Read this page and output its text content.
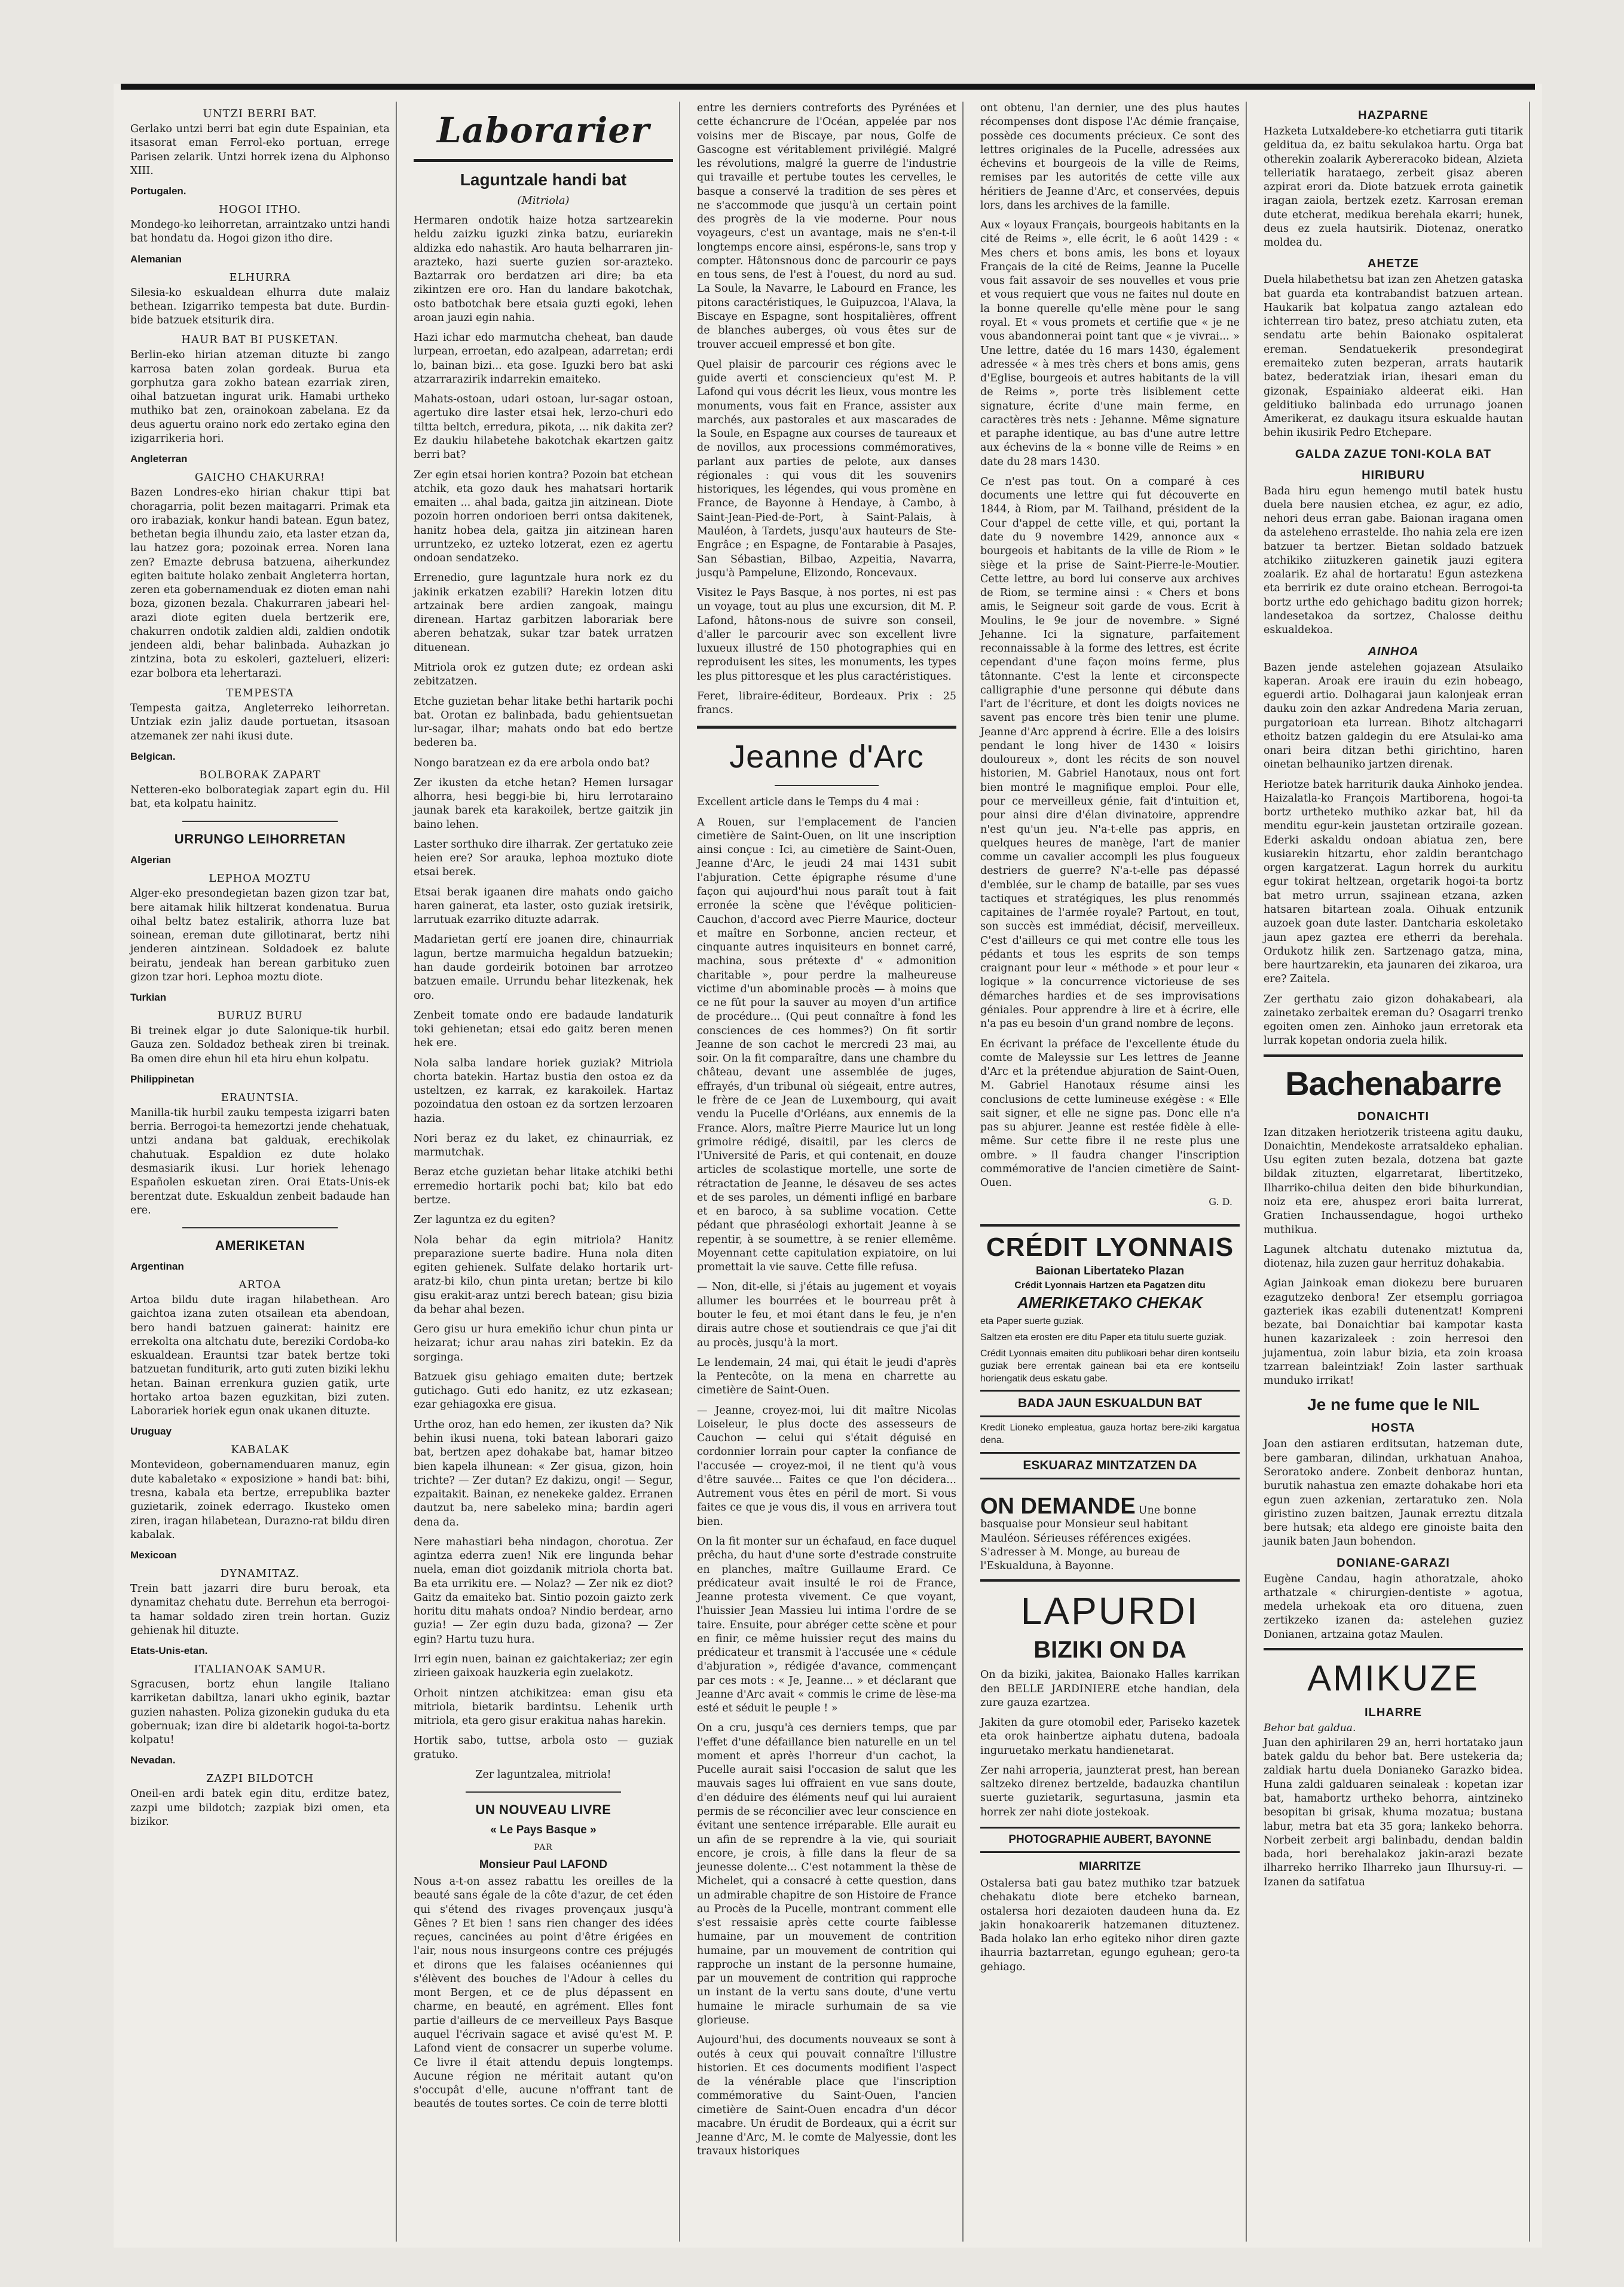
UNTZI BERRI BAT.

Gerlako untzi berri bat egin dute Espainian, eta itsasorat eman Ferrol-eko portuan, errege Parisen zelarik. Untzi horrek izena du Alphonso XIII.

Portugalen.
HOGOI ITHO.

Mondego-ko leihorretan, arraintzako untzi handi bat hondatu da. Hogoi gizon itho dire.

Alemanian
ELHURRA

Silesia-ko eskualdean elhurra dute malaiz bethean. Izigarriko tempesta bat dute. Burdin-bide batzuek etsiturik dira.

HAUR BAT BI PUSKETAN.

Berlin-eko hirian atzeman dituzte bi zango karrosa baten zolan gordeak. Burua eta gorphutza gara zokho batean ezarriak ziren, oihal batzuetan ingurat urik. Hamabi urtheko muthiko bat zen, orainokoan zabelana. Ez da deus aguertu oraino nork edo zertako egina den izigarrikeria hori.

Angleterran
GAICHO CHAKURRA!

Bazen Londres-eko hirian chakur ttipi bat choragarria, polit bezen maitagarri. Primak eta oro irabaziak, konkur handi batean. Egun batez, bethetan begia ilhundu zaio, eta laster etzan da, lau hatzez gora; pozoinak errea. Noren lana zen? Emazte debrusa batzuena, aiherkundez egiten baitute holako zenbait Angleterra hortan, zeren eta gobernamenduak ez dioten eman nahi boza, gizonen bezala. Chakurraren jabeari hel-arazi diote egiten duela bertzerik ere, chakurren ondotik zaldien aldi, zaldien ondotik jendeen aldi, behar balinbada. Auhazkan jo zintzina, bota zu eskoleri, gaztelueri, elizeri: ezar bolbora eta lehertarazi.

TEMPESTA

Tempesta gaitza, Angleterreko leihorretan. Untziak ezin jaliz daude portuetan, itsasoan atzemanek zer nahi ikusi dute.

Belgican.
BOLBORAK ZAPART

Netteren-eko bolborategiak zapart egin du. Hil bat, eta kolpatu hainitz.

URRUNGO LEIHORRETAN
Algerian
LEPHOA MOZTU

Alger-eko presondegietan bazen gizon tzar bat, bere aitamak hilik hiltzerat kondenatua. Burua oihal beltz batez estalirik, athorra luze bat soinean, ereman dute gillotinarat, bertz nihi jenderen aintzinean. Soldadoek ez balute beiratu, jendeak han berean garbituko zuen gizon tzar hori. Lephoa moztu diote.

Turkian
BURUZ BURU

Bi treinek elgar jo dute Salonique-tik hurbil. Gauza zen. Soldadoz betheak ziren bi treinak. Ba omen dire ehun hil eta hiru ehun kolpatu.

Philippinetan
ERAUNTSIA.

Manilla-tik hurbil zauku tempesta izigarri baten berria. Berrogoi-ta hemezortzi jende chehatuak, untzi andana bat galduak, erechikolak chahutuak. Espaldion ez dute holako desmasiarik ikusi. Lur horiek lehenago Españolen eskuetan ziren. Orai Etats-Unis-ek berentzat dute. Eskualdun zenbeit badaude han ere.

AMERIKETAN
Argentinan
ARTOA

Artoa bildu dute iragan hilabethean. Aro gaichtoa izana zuten otsailean eta abendoan, bero handi batzuen gainerat: hainitz ere errekolta ona altchatu dute, bereziki Cordoba-ko eskualdean. Erauntsi tzar batek bertze toki batzuetan funditurik, arto guti zuten biziki lekhu hetan. Bainan errenkura guzien gatik, urte hortako artoa bazen eguzkitan, bizi zuten. Laborariek horiek egun onak ukanen dituzte.

Uruguay
KABALAK

Montevideon, gobernamenduaren manuz, egin dute kabaletako « exposizione » handi bat: bihi, tresna, kabala eta bertze, errepublika bazter guzietarik, zoinek ederrago. Ikusteko omen ziren, iragan hilabetean, Durazno-rat bildu diren kabalak.

Mexicoan
DYNAMITAZ.

Trein batt jazarri dire buru beroak, eta dynamitaz chehatu dute. Berrehun eta berrogoi-ta hamar soldado ziren trein hortan. Guziz gehienak hil dituzte.

Etats-Unis-etan.
ITALIANOAK SAMUR.

Sgracusen, bortz ehun langile Italiano karriketan dabiltza, lanari ukho eginik, baztar guzien nahasten. Poliza gizonekin guduka du eta gobernuak; izan dire bi aldetarik hogoi-ta-bortz kolpatu!

Nevadan.
ZAZPI BILDOTCH

Oneil-en ardi batek egin ditu, erditze batez, zazpi ume bildotch; zazpiak bizi omen, eta bizikor.

Laborarier
Laguntzale handi bat
(Mitriola)

Hermaren ondotik haize hotza sartzearekin heldu zaizku iguzki zinka batzu, euriarekin aldizka edo nahastik. Aro hauta belharraren jin-arazteko, hazi suerte guzien sor-arazteko. Baztarrak oro berdatzen ari dire; ba eta zikintzen ere oro. Han du landare bakotchak, osto batbotchak bere etsaia guzti egoki, lehen aroan jauzi egin nahia.

Hazi ichar edo marmutcha cheheat, ban daude lurpean, erroetan, edo azalpean, adarretan; erdi lo, bainan bizi... eta gose. Iguzki bero bat aski atzarrarazirik indarrekin emaiteko.

Mahats-ostoan, udari ostoan, lur-sagar ostoan, agertuko dire laster etsai hek, lerzo-churi edo tiltta beltch, erredura, pikota, ... nik dakita zer? Ez daukiu hilabetehe bakotchak ekartzen gaitz berri bat?

Zer egin etsai horien kontra? Pozoin bat etchean atchik, eta gozo dauk hes mahatsari hortarik emaiten ... ahal bada, gaitza jin aitzinean. Diote pozoin horren ondorioen berri ontsa dakitenek, hanitz hobea dela, gaitza jin aitzinean haren urruntzeko, ez uzteko lotzerat, ezen ez agertu ondoan sendatzeko.

Errenedio, gure laguntzale hura nork ez du jakinik erkatzen ezabili? Harekin lotzen ditu artzainak bere ardien zangoak, maingu direnean. Hartaz garbitzen laborariak bere aberen behatzak, sukar tzar batek urratzen dituenean.

Mitriola orok ez gutzen dute; ez ordean aski zebitzatzen.

Etche guzietan behar litake bethi hartarik pochi bat. Orotan ez balinbada, badu gehientsuetan lur-sagar, ilhar; mahats ondo bat edo bertze bederen ba.

Nongo baratzean ez da ere arbola ondo bat?

Zer ikusten da etche hetan? Hemen lursagar alhorra, hesi beggi-bie bi, hiru lerrotaraino jaunak barek eta karakoilek, bertze gaitzik jin baino lehen.

Laster sorthuko dire ilharrak. Zer gertatuko zeie heien ere? Sor arauka, lephoa moztuko diote etsai berek.

Etsai berak igaanen dire mahats ondo gaicho haren gainerat, eta laster, osto guziak iretsirik, larrutuak ezarriko dituzte adarrak.

Madarietan gertí ere joanen dire, chinaurriak lagun, bertze marmuicha hegaldun batzuekin; han daude gordeirik botoinen bar arrotzeo batzuen emaile. Urrundu behar litezkenak, hek oro.

Zenbeit tomate ondo ere badaude landaturik toki gehienetan; etsai edo gaitz beren menen hek ere.

Nola salba landare horiek guziak? Mitriola chorta batekin. Hartaz bustia den ostoa ez da usteltzen, ez karrak, ez karakoilek. Hartaz pozoindatua den ostoan ez da sortzen lerzoaren hazia.

Nori beraz ez du laket, ez chinaurriak, ez marmutchak.

Beraz etche guzietan behar litake atchiki bethi erremedio hortarik pochi bat; kilo bat edo bertze.

Zer laguntza ez du egiten?

Nola behar da egin mitriola? Hanitz preparazione suerte badire. Huna nola diten egiten gehienek. Sulfate delako hortarik urt-aratz-bi kilo, chun pinta uretan; bertze bi kilo gisu erakit-araz untzi berech batean; gisu bizia da behar ahal bezen.

Gero gisu ur hura emekiño ichur chun pinta ur heizarat; ichur arau nahas ziri batekin. Ez da sorginga.

Batzuek gisu gehiago emaiten dute; bertzek gutichago. Guti edo hanitz, ez utz ezkasean; ezar gehiagoxka ere gisua.

Urthe oroz, han edo hemen, zer ikusten da? Nik behin ikusi nuena, toki batean laborari gaizo bat, bertzen apez dohakabe bat, hamar bitzeo bien kapela ilhunean: « Zer gisua, gizon, hoin trichte? — Zer dutan? Ez dakizu, ongi! — Segur, ezpaitakit. Bainan, ez nenekeke galdez. Erranen dautzut ba, nere sabeleko mina; bardin ageri dena da.

Nere mahastiari beha nindagon, chorotua. Zer agintza ederra zuen! Nik ere lingunda behar nuela, eman diot goizdanik mitriola chorta bat. Ba eta urrikitu ere. — Nolaz? — Zer nik ez diot? Gaitz da emaiteko bat. Sintio pozoin gaizto zerk horitu ditu mahats ondoa? Nindio berdear, arno guzia! — Zer egin duzu bada, gizona? — Zer egin? Hartu tuzu hura.

Irri egin nuen, bainan ez gaichtakeriaz; zer egin zirieen gaixoak hauzkeria egin zuelakotz.

Orhoit nintzen atchikitzea: eman gisu eta mitriola, bietarik bardintsu. Lehenik urth mitriola, eta gero gisur erakitua nahas harekin.

Hortik sabo, tuttse, arbola osto — guziak gratuko.

Zer laguntzalea, mitriola!

UN NOUVEAU LIVRE
« Le Pays Basque »
PAR
Monsieur Paul LAFOND

Nous a-t-on assez rabattu les oreilles de la beauté sans égale de la côte d'azur, de cet éden qui s'étend des rivages provençaux jusqu'à Gênes ? Et bien ! sans rien changer des idées reçues, cancinées au point d'être érigées en l'air, nous nous insurgeons contre ces préjugés et dirons que les falaises océaniennes qui s'élèvent des bouches de l'Adour à celles du mont Bergen, et ce de plus dépassent en charme, en beauté, en agrément. Elles font partie d'ailleurs de ce merveilleux Pays Basque auquel l'écrivain sagace et avisé qu'est M. P. Lafond vient de consacrer un superbe volume. Ce livre il était attendu depuis longtemps. Aucune région ne méritait autant qu'on s'occupât d'elle, aucune n'offrant tant de beautés de toutes sortes. Ce coin de terre blotti

entre les derniers contreforts des Pyrénées et cette échancrure de l'Océan, appelée par nos voisins mer de Biscaye, par nous, Golfe de Gascogne est véritablement privilégié. Malgré les révolutions, malgré la guerre de l'industrie qui travaille et pertube toutes les cervelles, le basque a conservé la tradition de ses pères et ne s'accommode que jusqu'à un certain point des progrès de la vie moderne. Pour nous voyageurs, c'est un avantage, mais ne s'en-t-il longtemps encore ainsi, espérons-le, sans trop y compter. Hâtonsnous donc de parcourir ce pays en tous sens, de l'est à l'ouest, du nord au sud. La Soule, la Navarre, le Labourd en France, les pitons caractéristiques, le Guipuzcoa, l'Alava, la Biscaye en Espagne, sont hospitalières, offrent de blanches auberges, où vous êtes sur de trouver accueil empressé et bon gîte.

Quel plaisir de parcourir ces régions avec le guide averti et consciencieux qu'est M. P. Lafond qui vous décrit les lieux, vous montre les monuments, vous fait en France, assister aux marchés, aux pastorales et aux mascarades de la Soule, en Espagne aux courses de taureaux et de novillos, aux processions commémoratives, parlant aux parties de pelote, aux danses régionales : qui vous dit les souvenirs historiques, les légendes, qui vous promène en France, de Bayonne à Hendaye, à Cambo, à Saint-Jean-Pied-de-Port, à Saint-Palais, à Mauléon, à Tardets, jusqu'aux hauteurs de Ste-Engrâce ; en Espagne, de Fontarabie à Pasajes, San Sébastian, Bilbao, Azpeitia, Navarra, jusqu'à Pampelune, Elizondo, Roncevaux.

Visitez le Pays Basque, à nos portes, ni est pas un voyage, tout au plus une excursion, dit M. P. Lafond, hâtons-nous de suivre son conseil, d'aller le parcourir avec son excellent livre luxueux illustré de 150 photographies qui en reproduisent les sites, les monuments, les types les plus pittoresque et les plus caractéristiques.

Feret, libraire-éditeur, Bordeaux. Prix : 25 francs.

Jeanne d'Arc

Excellent article dans le Temps du 4 mai :

A Rouen, sur l'emplacement de l'ancien cimetière de Saint-Ouen, on lit une inscription ainsi conçue : Ici, au cimetière de Saint-Ouen, Jeanne d'Arc, le jeudi 24 mai 1431 subit l'abjuration. Cette épigraphe résume d'une façon qui aujourd'hui nous paraît tout à fait erronée la scène que l'évêque politicien-Cauchon, d'accord avec Pierre Maurice, docteur et maître en Sorbonne, ancien recteur, et cinquante autres inquisiteurs en bonnet carré, machina, sous prétexte d' « admonition charitable », pour perdre la malheureuse victime d'un abominable procès — à moins que ce ne fût pour la sauver au moyen d'un artifice de procédure... (Qui peut connaître à fond les consciences de ces hommes?) On fit sortir Jeanne de son cachot le mercredi 23 mai, au soir. On la fit comparaître, dans une chambre du château, devant une assemblée de juges, effrayés, d'un tribunal où siégeait, entre autres, le frère de ce Jean de Luxembourg, qui avait vendu la Pucelle d'Orléans, aux ennemis de la France. Alors, maître Pierre Maurice lut un long grimoire rédigé, disaitil, par les clercs de l'Université de Paris, et qui contenait, en douze articles de scolastique mortelle, une sorte de rétractation de Jeanne, le désaveu de ses actes et de ses paroles, un démenti infligé en barbare et en baroco, à sa sublime vocation. Cette pédant que phraséologi exhortait Jeanne à se repentir, à se soumettre, à se renier ellemême. Moyennant cette capitulation expiatoire, on lui promettait la vie sauve. Cette fille refusa.

— Non, dit-elle, si j'étais au jugement et voyais allumer les bourrées et le bourreau prêt à bouter le feu, et moi étant dans le feu, je n'en dirais autre chose et soutiendrais ce que j'ai dit au procès, jusqu'à la mort.

Le lendemain, 24 mai, qui était le jeudi d'après la Pentecôte, on la mena en charrette au cimetière de Saint-Ouen.

— Jeanne, croyez-moi, lui dit maître Nicolas Loiseleur, le plus docte des assesseurs de Cauchon — celui qui s'était déguisé en cordonnier lorrain pour capter la confiance de l'accusée — croyez-moi, il ne tient qu'à vous d'être sauvée... Faites ce que l'on décidera... Autrement vous êtes en péril de mort. Si vous faites ce que je vous dis, il vous en arrivera tout bien.

On la fit monter sur un échafaud, en face duquel prêcha, du haut d'une sorte d'estrade construite en planches, maître Guillaume Erard. Ce prédicateur avait insulté le roi de France, Jeanne protesta vivement. Ce que voyant, l'huissier Jean Massieu lui intima l'ordre de se taire. Ensuite, pour abréger cette scène et pour en finir, ce même huissier reçut des mains du prédicateur et transmit à l'accusée une « cédule d'abjuration », rédigée d'avance, commençant par ces mots : « Je, Jeanne... » et déclarant que Jeanne d'Arc avait « commis le crime de lèse-ma esté et séduit le peuple ! »

On a cru, jusqu'à ces derniers temps, que par l'effet d'une défaillance bien naturelle en un tel moment et après l'horreur d'un cachot, la Pucelle aurait saisi l'occasion de salut que les mauvais sages lui offraient en vue sans doute, d'en déduire des éléments neuf qui lui auraient permis de se réconcilier avec leur conscience en évitant une sentence irréparable. Elle aurait eu un afin de se reprendre à la vie, qui souriait encore, je crois, à fille dans la fleur de sa jeunesse dolente... C'est notamment la thèse de Michelet, qui a consacré à cette question, dans un admirable chapitre de son Histoire de France au Procès de la Pucelle, montrant comment elle s'est ressaisie après cette courte faiblesse humaine, par un mouvement de contrition humaine, par un mouvement de contrition qui rapproche un instant de la personne humaine, par un mouvement de contrition qui rapproche un instant de la vertu sans doute, d'une vertu humaine le miracle surhumain de sa vie glorieuse.

Aujourd'hui, des documents nouveaux se sont à outés à ceux qui pouvait connaître l'illustre historien. Et ces documents modifient l'aspect de la vénérable place que l'inscription commémorative du Saint-Ouen, l'ancien cimetière de Saint-Ouen encadra d'un décor macabre. Un érudit de Bordeaux, qui a écrit sur Jeanne d'Arc, M. le comte de Malyessie, dont les travaux historiques

ont obtenu, l'an dernier, une des plus hautes récompenses dont dispose l'Ac démie française, possède ces documents précieux. Ce sont des lettres originales de la Pucelle, adressées aux échevins et bourgeois de la ville de Reims, remises par les autorités de cette ville aux héritiers de Jeanne d'Arc, et conservées, depuis lors, dans les archives de la famille.

Aux « loyaux Français, bourgeois habitants en la cité de Reims », elle écrit, le 6 août 1429 : « Mes chers et bons amis, les bons et loyaux Français de la cité de Reims, Jeanne la Pucelle vous fait assavoir de ses nouvelles et vous prie et vous requiert que vous ne faites nul doute en la bonne querelle qu'elle mène pour le sang royal. Et « vous promets et certifie que « je ne vous abandonnerai point tant que « je vivrai... » Une lettre, datée du 16 mars 1430, également adressée « à mes très chers et bons amis, gens d'Eglise, bourgeois et autres habitants de la vill de Reims », porte très lisiblement cette signature, écrite d'une main ferme, en caractères très nets : Jehanne. Même signature et paraphe identique, au bas d'une autre lettre aux échevins de la « bonne ville de Reims » en date du 28 mars 1430.

Ce n'est pas tout. On a comparé à ces documents une lettre qui fut découverte en 1844, à Riom, par M. Tailhand, président de la Cour d'appel de cette ville, et qui, portant la date du 9 novembre 1429, annonce aux « bourgeois et habitants de la ville de Riom » le siège et la prise de Saint-Pierre-le-Moutier. Cette lettre, au bord lui conserve aux archives de Riom, se termine ainsi : « Chers et bons amis, le Seigneur soit garde de vous. Ecrit à Moulins, le 9e jour de novembre. » Signé Jehanne. Ici la signature, parfaitement reconnaissable à la forme des lettres, est écrite cependant d'une façon moins ferme, plus tâtonnante. C'est la lente et circonspecte calligraphie d'une personne qui débute dans l'art de l'écriture, et dont les doigts novices ne savent pas encore très bien tenir une plume. Jeanne d'Arc apprend à écrire. Elle a des loisirs pendant le long hiver de 1430 « loisirs douloureux », dont les récits de son nouvel historien, M. Gabriel Hanotaux, nous ont fort bien montré le magnifique emploi. Pour elle, pour ce merveilleux génie, fait d'intuition et, pour ainsi dire d'élan divinatoire, apprendre n'est qu'un jeu. N'a-t-elle pas appris, en quelques heures de manège, l'art de manier comme un cavalier accompli les plus fougueux destriers de guerre? N'a-t-elle pas dépassé d'emblée, sur le champ de bataille, par ses vues tactiques et stratégiques, les plus renommés capitaines de l'armée royale? Partout, en tout, son succès est immédiat, décisif, merveilleux. C'est d'ailleurs ce qui met contre elle tous les pédants et tous les esprits de son temps craignant pour leur « méthode » et pour leur « logique » la concurrence victorieuse de ses démarches hardies et de ses improvisations géniales. Pour apprendre à lire et à écrire, elle n'a pas eu besoin d'un grand nombre de leçons.

En écrivant la préface de l'excellente étude du comte de Maleyssie sur Les lettres de Jeanne d'Arc et la prétendue abjuration de Saint-Ouen, M. Gabriel Hanotaux résume ainsi les conclusions de cette lumineuse exégèse : « Elle sait signer, et elle ne signe pas. Donc elle n'a pas su abjurer. Jeanne est restée fidèle à elle-même. Sur cette fibre il ne reste plus une ombre. » Il faudra changer l'inscription commémorative de l'ancien cimetière de Saint-Ouen.

G. D.
CRÉDIT LYONNAIS
Baionan Libertateko Plazan
Crédit Lyonnais Hartzen eta Pagatzen ditu
AMERIKETAKO CHEKAK
eta Paper suerte guziak.
Saltzen eta erosten ere ditu Paper eta titulu suerte guziak.
Crédit Lyonnais emaiten ditu publikoari behar diren kontseilu guziak bere errentak gainean bai eta ere kontseilu horiengatik deus eskatu gabe.
BADA JAUN ESKUALDUN BAT
Kredit Lioneko empleatua, gauza hortaz bere-ziki kargatua dena.
ESKUARAZ MINTZATZEN DA
ON DEMANDE Une bonne basquaise pour Monsieur seul habitant Mauléon. Sérieuses références exigées. S'adresser à M. Monge, au bureau de l'Eskualduna, à Bayonne.
LAPURDI
BIZIKI ON DA

On da biziki, jakitea, Baionako Halles karrikan den BELLE JARDINIERE etche handian, dela zure gauza ezartzea.

Jakiten da gure otomobil eder, Pariseko kazetek eta orok hainbertze aiphatu dutena, badoala inguruetako merkatu handienetarat.

Zer nahi arroperia, jaunzterat prest, han berean saltzeko direnez bertzelde, badauzka chantilun suerte guzietarik, segurtasuna, jasmin eta horrek zer nahi diote jostekoak.

PHOTOGRAPHIE AUBERT, BAYONNE
MIARRITZE

Ostalersa bati gau batez muthiko tzar batzuek chehakatu diote bere etcheko barnean, ostalersa hori dezaioten daudeen huna da. Ez jakin honakoarerik hatzemanen dituztenez. Bada holako lan erho egiteko nihor diren gazte ihaurria baztarretan, egungo eguhean; gero-ta gehiago.

HAZPARNE

Hazketa Lutxaldebere-ko etchetiarra guti titarik gelditua da, ez baitu sekulakoa hartu. Orga bat otherekin zoalarik Aybereracoko bidean, Alzieta telleriatik harataego, zerbeit gisaz aberen azpirat erori da. Diote batzuek errota gainetik iragan zaiola, bertzek ezetz. Karrosan ereman dute etcherat, medikua berehala ekarri; hunek, deus ez zuela hautsirik. Diotenaz, oneratko moldea du.

AHETZE

Duela hilabethetsu bat izan zen Ahetzen gataska bat guarda eta kontrabandist batzuen artean. Haukarik bat kolpatua zango aztalean edo ichterrean tiro batez, preso atchiatu zuten, eta sendatu arte behin Baionako ospitalerat ereman. Sendatuekerik presondegirat eremaiteko zuten bezperan, arrats hautarik batez, bederatziak irian, ihesari eman du gizonak, Espainiako aldeerat eiki. Han gelditiuko balinbada edo urrunago joanen Amerikerat, ez daukagu itsura eskualde hautan behin ikusirik Pedro Etchepare.

GALDA ZAZUE TONI-KOLA BAT
HIRIBURU

Bada hiru egun hemengo mutil batek hustu duela bere nausien etchea, ez agur, ez adio, nehori deus erran gabe. Baionan iragana omen da asteleheno errastelde. Iho nahia zela ere izen batzuer ta bertzer. Bietan soldado batzuek atchikiko ziituzkeren gainetik jauzi egitera zoalarik. Ez ahal de hortaratu! Egun astezkena eta berririk ez dute oraino etchean. Berrogoi-ta bortz urthe edo gehichago baditu gizon horrek; landesetakoa da sortzez, Chalosse deithu eskualdekoa.

AINHOA

Bazen jende astelehen gojazean Atsulaiko kaperan. Aroak ere irauin du ezin hobeago, eguerdi artio. Dolhagarai jaun kalonjeak erran dauku zoin den azkar Andredena Maria zeruan, purgatorioan eta lurrean. Bihotz altchagarri ethoitz batzen galdegin du ere Atsulai-ko ama onari beira ditzan bethi girichtino, haren oinetan belhauniko jartzen direnak.

Heriotze batek harriturik dauka Ainhoko jendea. Haizalatla-ko François Martiborena, hogoi-ta bortz urtheteko muthiko azkar bat, hil da menditu egur-kein jaustetan ortziraile gozean. Ederki askaldu ondoan abiatua zen, bere kusiarekin hitzartu, ehor zaldin berantchago orgen kargatzerat. Lagun horrek du aurkitu egur tokirat heltzean, orgetarik hogoi-ta bortz bat metro urrun, ssajinean etzana, azken hatsaren bitartean zoala. Oihuak entzunik auzoek goan dute laster. Dantcharia eskoletako jaun apez gaztea ere etherri da berehala. Ordukotz hilik zen. Sartzenago gatza, mina, bere haurtzarekin, eta jaunaren dei zikaroa, ura ere? Zaitela.

Zer gerthatu zaio gizon dohakabeari, ala zainetako zerbaitek ereman du? Osagarri trenko egoiten omen zen. Ainhoko jaun erretorak eta lurrak kopetan ondoria zuela hilik.

Bachenabarre
DONAICHTI

Izan ditzaken heriotzerik tristeena agitu dauku, Donaichtin, Mendekoste arratsaldeko ephalian. Usu egiten zuten bezala, dotzena bat gazte bildak zituzten, elgarretarat, libertitzeko, Ilharriko-chilua deiten den bide bihurkundian, noiz eta ere, ahuspez erori baita lurrerat, Gratien Inchaussendague, hogoi urtheko muthikua.

Lagunek altchatu dutenako miztutua da, diotenaz, hila zuzen gaur herrituz dohakabia.

Agian Jainkoak eman diokezu bere buruaren ezagutzeko denbora! Zer etsemplu gorriagoa gazteriek ikas ezabili dutenentzat! Kompreni bezate, bai Donaichtiar bai kampotar kasta hunen kazarizaleek : zoin herresoi den jujamentua, zoin labur bizia, eta zoin kroasa tzarrean baleintziak! Zoin laster sarthuak munduko irrikat!

Je ne fume que le NIL
HOSTA

Joan den astiaren erditsutan, hatzeman dute, bere gambaran, dilindan, urkhatuan Anahoa, Seroratoko andere. Zonbeit denboraz huntan, burutik nahastua zen emazte dohakabe hori eta egun zuen azkenian, zertaratuko zen. Nola giristino zuzen baitzen, Jaunak erreztu ditzala bere hutsak; eta aldego ere ginoiste baita den jaunik baten Jaun bohendon.

DONIANE-GARAZI

Eugène Candau, hagin athoratzale, ahoko arthatzale « chirurgien-dentiste » agotua, medela urhekoak eta oro dituena, zuen zertikzeko izanen da: astelehen guziez Donianen, artzaina gotaz Maulen.

AMIKUZE
ILHARRE
Behor bat galdua.

Juan den aphirilaren 29 an, herri hortatako jaun batek galdu du behor bat. Bere ustekeria da; zaldiak hartu duela Donianeko Garazko bidea. Huna zaldi galduaren seinaleak : kopetan izar bat, hamabortz urtheko behorra, aintzineko besopitan bi grisak, khuma mozatua; bustana labur, metra bat eta 35 gora; lankeko behorra. Norbeit zerbeit argi balinbadu, dendan baldin bada, hori berehalakoz jakin-arazi bezate ilharreko herriko Ilharreko jaun Ilhursuy-ri. — Izanen da satifatua
